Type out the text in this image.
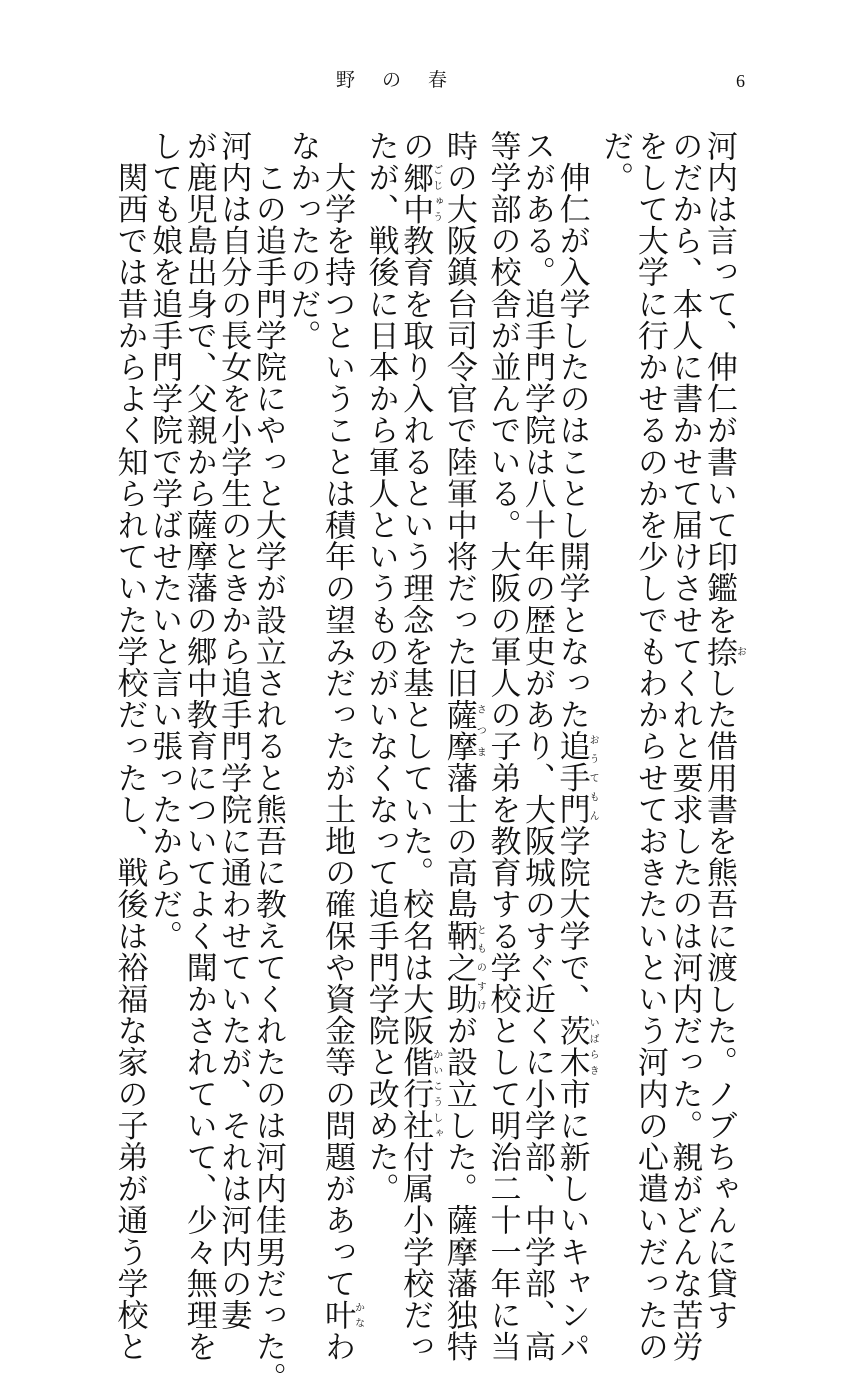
野の春	6
河内は言って、伸仁が書いて印鑑を捺おした借用書を熊吾に渡した。ノブちゃんに貸す
のだから、本人に書かせて届けさせてくれと要求したのは河内だった。親がどんな苦労
をして大学に行かせるのかを少しでもわからせておきたいという河内の心遣いだったの
だ。
　伸仁が入学したのはことし開学となった追手門おうてもん学院大学で、茨木いばらき市に新しいキャンパ
スがある。追手門学院は八十年の歴史があり、大阪城のすぐ近くに小学部、中学部、高
等学部の校舎が並んでいる。大阪の軍人の子弟を教育する学校として明治二十一年に当
時の大阪鎮台司令官で陸軍中将だった旧薩摩さつま藩士の高島鞆之助とものすけが設立した。薩摩藩独特
の郷中ごじゅう教育を取り入れるという理念を基としていた。校名は大阪偕行社かいこうしゃ付属小学校だっ
たが、戦後に日本から軍人というものがいなくなって追手門学院と改めた。
　大学を持つということは積年の望みだったが土地の確保や資金等の問題があって叶かなわ
なかったのだ。
　この追手門学院にやっと大学が設立されると熊吾に教えてくれたのは河内佳男だった。
河内は自分の長女を小学生のときから追手門学院に通わせていたが、それは河内の妻
が鹿児島出身で、父親から薩摩藩の郷中教育についてよく聞かされていて、少々無理を
しても娘を追手門学院で学ばせたいと言い張ったからだ。
　関西では昔からよく知られていた学校だったし、戦後は裕福な家の子弟が通う学校と
